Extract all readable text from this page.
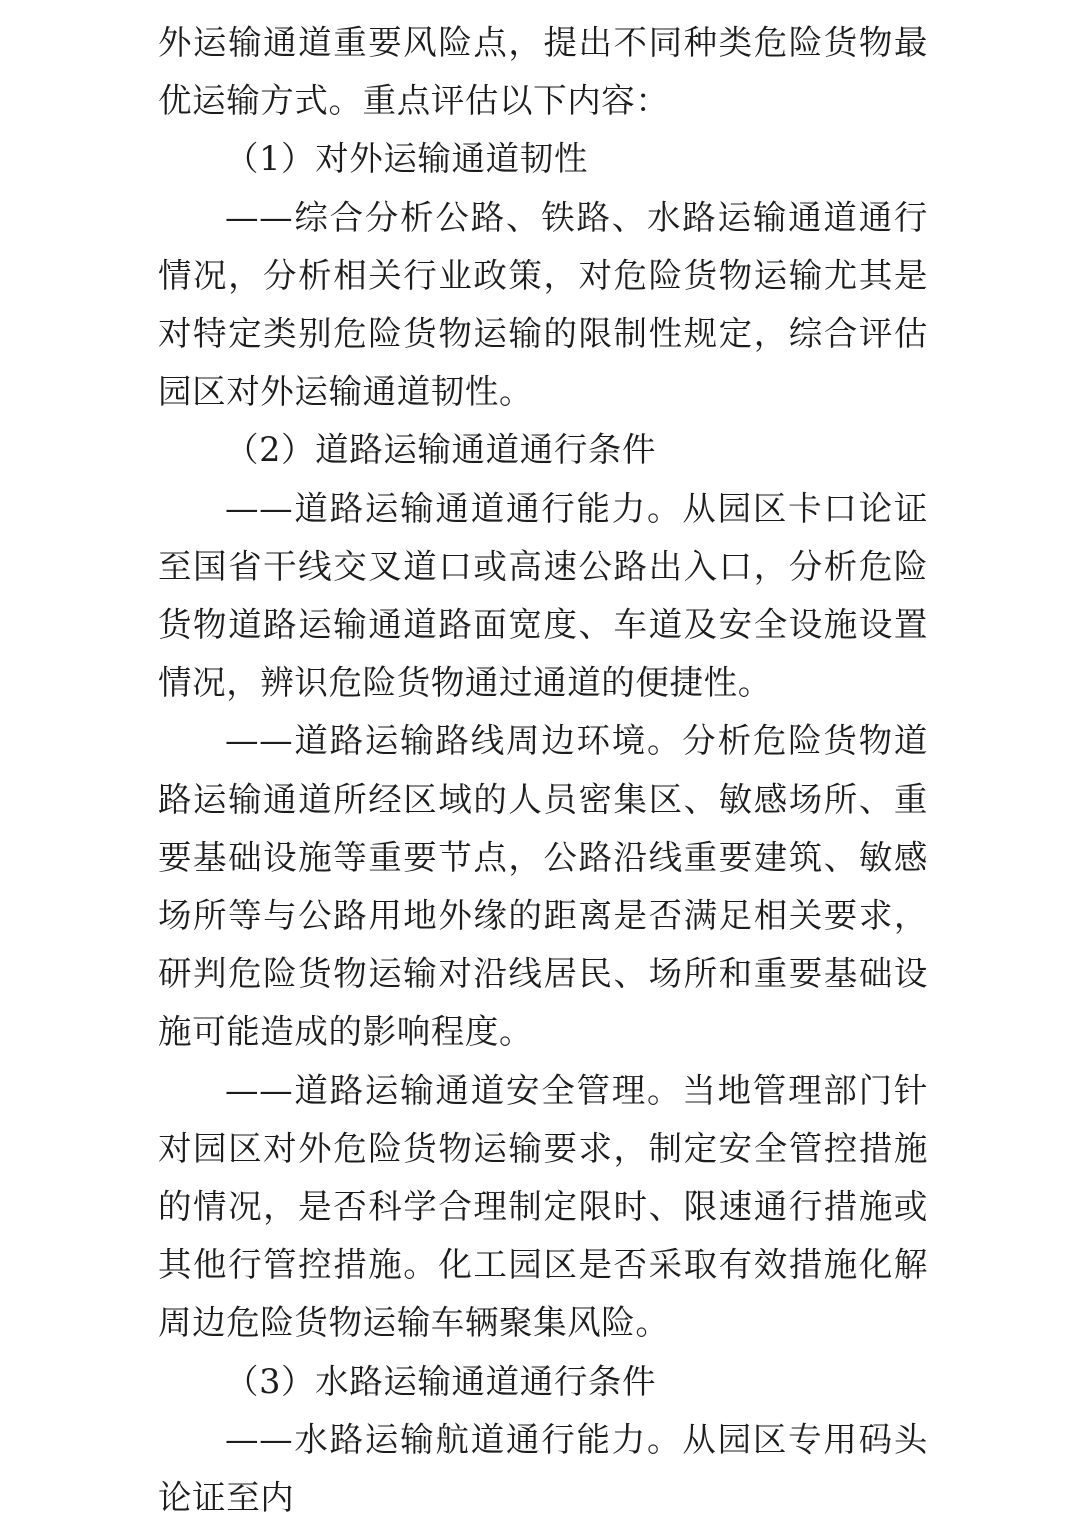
外运输通道重要风险点，提出不同种类危险货物最优运输方式。重点评估以下内容：

（1）对外运输通道韧性

——综合分析公路、铁路、水路运输通道通行情况，分析相关行业政策，对危险货物运输尤其是对特定类别危险货物运输的限制性规定，综合评估园区对外运输通道韧性。

（2）道路运输通道通行条件

——道路运输通道通行能力。从园区卡口论证至国省干线交叉道口或高速公路出入口，分析危险货物道路运输通道路面宽度、车道及安全设施设置情况，辨识危险货物通过通道的便捷性。

——道路运输路线周边环境。分析危险货物道路运输通道所经区域的人员密集区、敏感场所、重要基础设施等重要节点，公路沿线重要建筑、敏感场所等与公路用地外缘的距离是否满足相关要求，研判危险货物运输对沿线居民、场所和重要基础设施可能造成的影响程度。

——道路运输通道安全管理。当地管理部门针对园区对外危险货物运输要求，制定安全管控措施的情况，是否科学合理制定限时、限速通行措施或其他行管控措施。化工园区是否采取有效措施化解周边危险货物运输车辆聚集风险。

（3）水路运输通道通行条件

——水路运输航道通行能力。从园区专用码头论证至内
